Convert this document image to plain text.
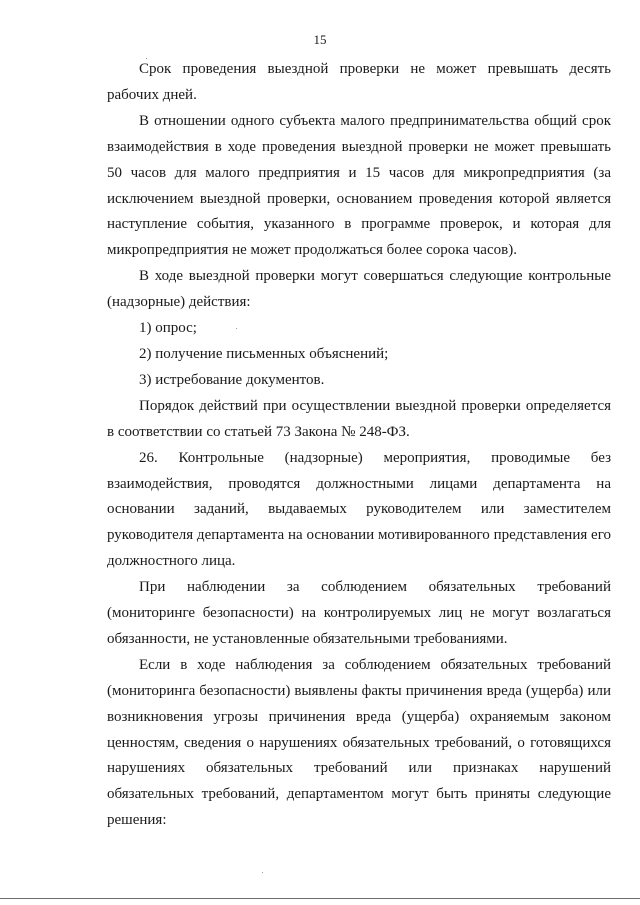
15

Срок проведения выездной проверки не может превышать десять рабочих дней.

В отношении одного субъекта малого предпринимательства общий срок взаимодействия в ходе проведения выездной проверки не может превышать 50 часов для малого предприятия и 15 часов для микропредприятия (за исключением выездной проверки, основанием проведения которой является наступление события, указанного в программе проверок, и которая для микропредприятия не может продолжаться более сорока часов).

В ходе выездной проверки могут совершаться следующие контрольные (надзорные) действия:

1) опрос;

2) получение письменных объяснений;

3) истребование документов.

Порядок действий при осуществлении выездной проверки определяется в соответствии со статьей 73 Закона № 248-ФЗ.

26. Контрольные (надзорные) мероприятия, проводимые без взаимодействия, проводятся должностными лицами департамента на основании заданий, выдаваемых руководителем или заместителем руководителя департамента на основании мотивированного представления его должностного лица.

При наблюдении за соблюдением обязательных требований (мониторинге безопасности) на контролируемых лиц не могут возлагаться обязанности, не установленные обязательными требованиями.

Если в ходе наблюдения за соблюдением обязательных требований (мониторинга безопасности) выявлены факты причинения вреда (ущерба) или возникновения угрозы причинения вреда (ущерба) охраняемым законом ценностям, сведения о нарушениях обязательных требований, о готовящихся нарушениях обязательных требований или признаках нарушений обязательных требований, департаментом могут быть приняты следующие решения:
